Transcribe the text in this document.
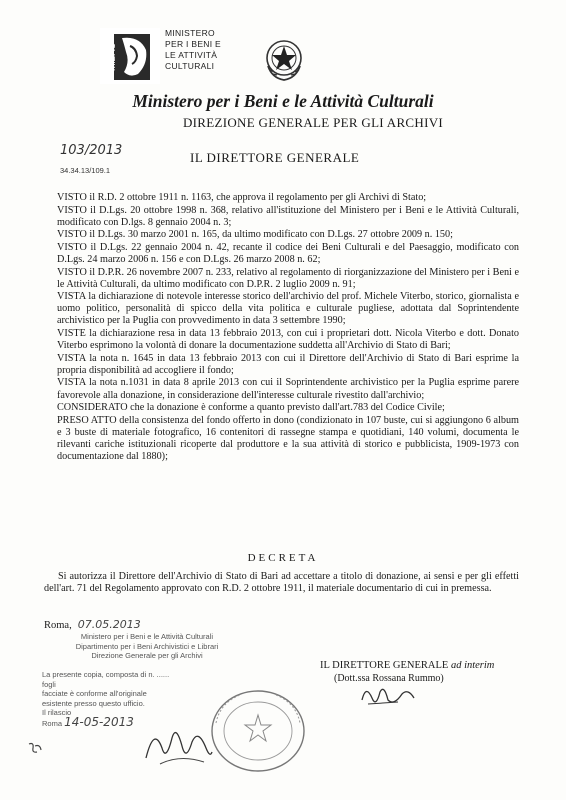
MiBAC
MINISTERO
PER I BENI E
LE ATTIVITÀ
CULTURALI
Ministero per i Beni e le Attività Culturali
DIREZIONE GENERALE PER GLI ARCHIVI
103/2013
34.34.13/109.1
IL DIRETTORE GENERALE

VISTO il R.D. 2 ottobre 1911 n. 1163, che approva il regolamento per gli Archivi di Stato;

VISTO il D.Lgs. 20 ottobre 1998 n. 368, relativo all'istituzione del Ministero per i Beni e le Attività Culturali, modificato con D.lgs. 8 gennaio 2004 n. 3;

VISTO il D.Lgs. 30 marzo 2001 n. 165, da ultimo modificato con D.Lgs. 27 ottobre 2009 n. 150;

VISTO il D.Lgs. 22 gennaio 2004 n. 42, recante il codice dei Beni Culturali e del Paesaggio, modificato con D.Lgs. 24 marzo 2006 n. 156 e con D.Lgs. 26 marzo 2008 n. 62;

VISTO il D.P.R. 26 novembre 2007 n. 233, relativo al regolamento di riorganizzazione del Ministero per i Beni e le Attività Culturali, da ultimo modificato con D.P.R. 2 luglio 2009 n. 91;

VISTA la dichiarazione di notevole interesse storico dell'archivio del prof. Michele Viterbo, storico, giornalista e uomo politico, personalità di spicco della vita politica e culturale pugliese, adottata dal Soprintendente archivistico per la Puglia con provvedimento in data 3 settembre 1990;

VISTE la dichiarazione resa in data 13 febbraio 2013, con cui i proprietari dott. Nicola Viterbo e dott. Donato Viterbo esprimono la volontà di donare la documentazione suddetta all'Archivio di Stato di Bari;

VISTA la nota n. 1645 in data 13 febbraio 2013 con cui il Direttore dell'Archivio di Stato di Bari esprime la propria disponibilità ad accogliere il fondo;

VISTA la nota n.1031 in data 8 aprile 2013 con cui il Soprintendente archivistico per la Puglia esprime parere favorevole alla donazione, in considerazione dell'interesse culturale rivestito dall'archivio;

CONSIDERATO che la donazione è conforme a quanto previsto dall'art.783 del Codice Civile;

PRESO ATTO della consistenza del fondo offerto in dono (condizionato in 107 buste, cui si aggiungono 6 album e 3 buste di materiale fotografico, 16 contenitori di rassegne stampa e quotidiani, 140 volumi, documenta le rilevanti cariche istituzionali ricoperte dal produttore e la sua attività di storico e pubblicista, 1909-1973 con documentazione dal 1880);

DECRETA
Si autorizza il Direttore dell'Archivio di Stato di Bari ad accettare a titolo di donazione, ai sensi e per gli effetti dell'art. 71 del Regolamento approvato con R.D. 2 ottobre 1911, il materiale documentario di cui in premessa.
Roma, 07.05.2013
Ministero per i Beni e le Attività Culturali
Dipartimento per i Beni Archivistici e Librari
Direzione Generale per gli Archivi
La presente copia, composta di n. ...... fogli
facciate è conforme all'originale
esistente presso questo ufficio.
Il rilascio
Roma 14-05-2013
IL DIRETTORE GENERALE ad interim
(Dott.ssa Rossana Rummo)
